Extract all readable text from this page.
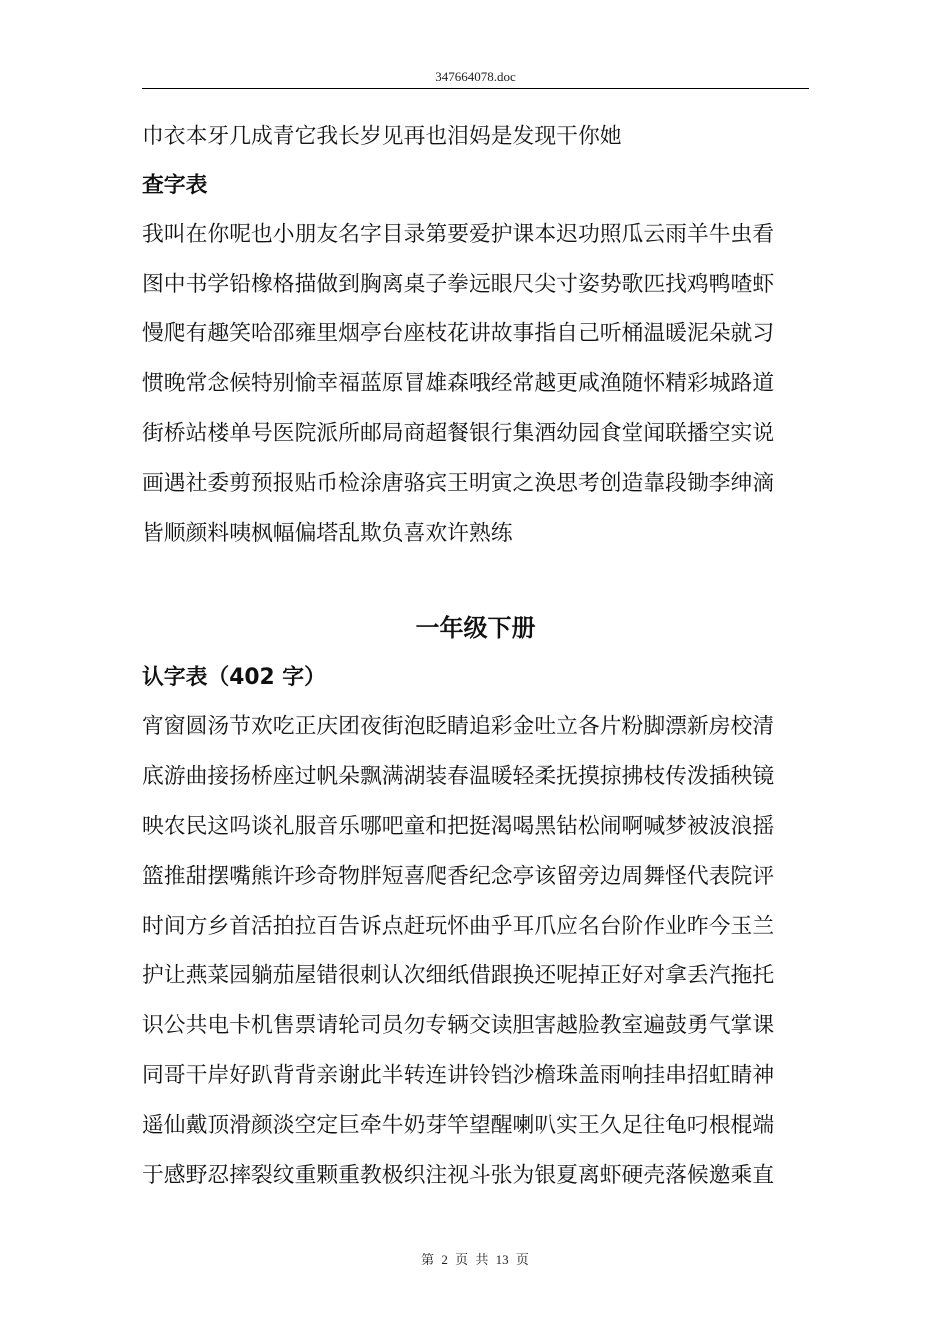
347664078.doc
巾衣本牙几成青它我长岁见再也泪妈是发现干你她
查字表
我叫在你呢也小朋友名字目录第要爱护课本迟功照瓜云雨羊牛虫看
图中书学铅橡格描做到胸离桌子拳远眼尺尖寸姿势歌匹找鸡鸭喳虾
慢爬有趣笑哈邵雍里烟亭台座枝花讲故事指自己听桶温暖泥朵就习
惯晚常念候特别愉幸福蓝原冒雄森哦经常越更咸渔随怀精彩城路道
街桥站楼单号医院派所邮局商超餐银行集酒幼园食堂闻联播空实说
画遇社委剪预报贴币检涂唐骆宾王明寅之涣思考创造靠段锄李绅滴
皆顺颜料咦枫幅偏塔乱欺负喜欢许熟练
一年级下册
认字表（402 字）
宵窗圆汤节欢吃正庆团夜街泡眨睛追彩金吐立各片粉脚漂新房校清
底游曲接扬桥座过帆朵飘满湖装春温暖轻柔抚摸掠拂枝传泼插秧镜
映农民这吗谈礼服音乐哪吧童和把挺渴喝黑钻松闹啊喊梦被波浪摇
篮推甜摆嘴熊许珍奇物胖短喜爬香纪念亭该留旁边周舞怪代表院评
时间方乡首活拍拉百告诉点赶玩怀曲乎耳爪应名台阶作业昨今玉兰
护让燕菜园躺茄屋错很刺认次细纸借跟换还呢掉正好对拿丢汽拖托
识公共电卡机售票请轮司员勿专辆交读胆害越脸教室遍鼓勇气掌课
同哥干岸好趴背背亲谢此半转连讲铃铛沙檐珠盖雨响挂串招虹睛神
遥仙戴顶滑颜淡空定巨牵牛奶芽竿望醒喇叭实王久足往龟叼根棍端
于感野忍摔裂纹重颗重教极织注视斗张为银夏离虾硬壳落候邀乘直
第 2 页 共 13 页
